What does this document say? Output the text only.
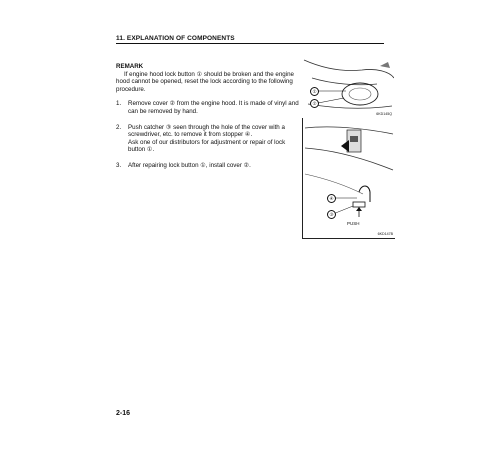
11. EXPLANATION OF COMPONENTS
REMARK

If engine hood lock button ① should be broken and the engine hood cannot be opened, reset the lock according to the following procedure.

1.	Remove cover ② from the engine hood. It is made of vinyl and can be removed by hand.

2.	Push catcher ③ seen through the hole of the cover with a screwdriver, etc. to remove it from stopper ④.

Ask one of our distributors for adjustment or repair of lock button ①.

3.	After repairing lock button ①, install cover ②.

①
②
6KD145Q
④
③
PUSH
6KD147B
2-16
